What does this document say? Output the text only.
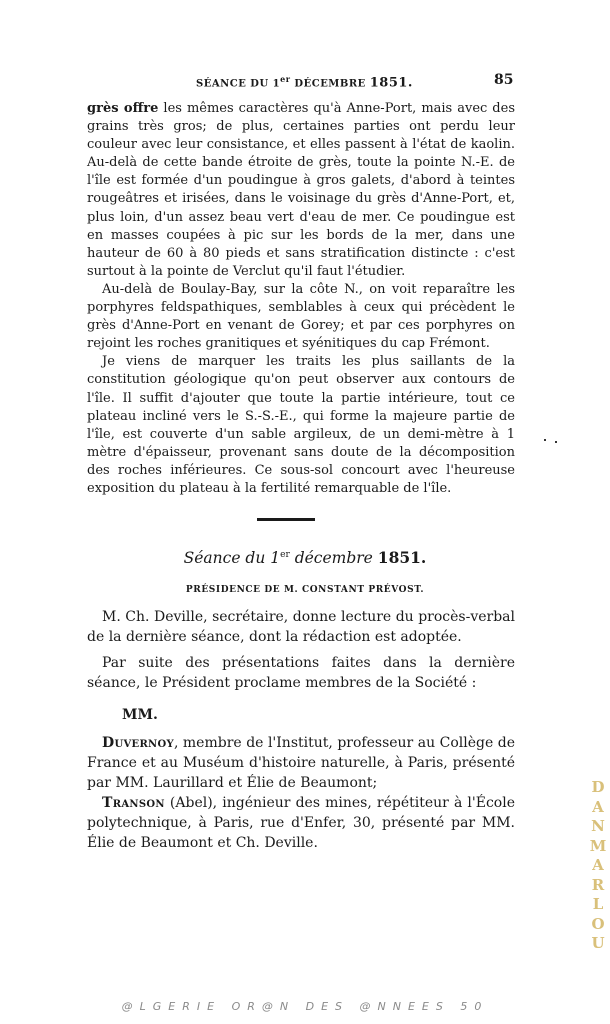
SÉANCE DU 1er DÉCEMBRE 1851.	85

grès offre les mêmes caractères qu'à Anne-Port, mais avec des grains très gros; de plus, certaines parties ont perdu leur couleur avec leur consistance, et elles passent à l'état de kaolin. Au-delà de cette bande étroite de grès, toute la pointe N.-E. de l'île est formée d'un poudingue à gros galets, d'abord à teintes rougeâtres et irisées, dans le voisinage du grès d'Anne-Port, et, plus loin, d'un assez beau vert d'eau de mer. Ce poudingue est en masses coupées à pic sur les bords de la mer, dans une hauteur de 60 à 80 pieds et sans stratification distincte : c'est surtout à la pointe de Verclut qu'il faut l'étudier.

Au-delà de Boulay-Bay, sur la côte N., on voit reparaître les porphyres feldspathiques, semblables à ceux qui précèdent le grès d'Anne-Port en venant de Gorey; et par ces porphyres on rejoint les roches granitiques et syénitiques du cap Frémont.

Je viens de marquer les traits les plus saillants de la constitution géologique qu'on peut observer aux contours de l'île. Il suffit d'ajouter que toute la partie intérieure, tout ce plateau incliné vers le S.-S.-E., qui forme la majeure partie de l'île, est couverte d'un sable argileux, de un demi-mètre à 1 mètre d'épaisseur, provenant sans doute de la décomposition des roches inférieures. Ce sous-sol concourt avec l'heureuse exposition du plateau à la fertilité remarquable de l'île.

Séance du 1er décembre 1851.
PRÉSIDENCE DE M. CONSTANT PRÉVOST.

M. Ch. Deville, secrétaire, donne lecture du procès-verbal de la dernière séance, dont la rédaction est adoptée.

Par suite des présentations faites dans la dernière séance, le Président proclame membres de la Société :

MM.

Duvernoy, membre de l'Institut, professeur au Collège de France et au Muséum d'histoire naturelle, à Paris, présenté par MM. Laurillard et Élie de Beaumont;

Transon (Abel), ingénieur des mines, répétiteur à l'École polytechnique, à Paris, rue d'Enfer, 30, présenté par MM. Élie de Beaumont et Ch. Deville.

D
A
N
M
A
R
L
O
U
@LGERIE OR@N DES @NNEES 50
